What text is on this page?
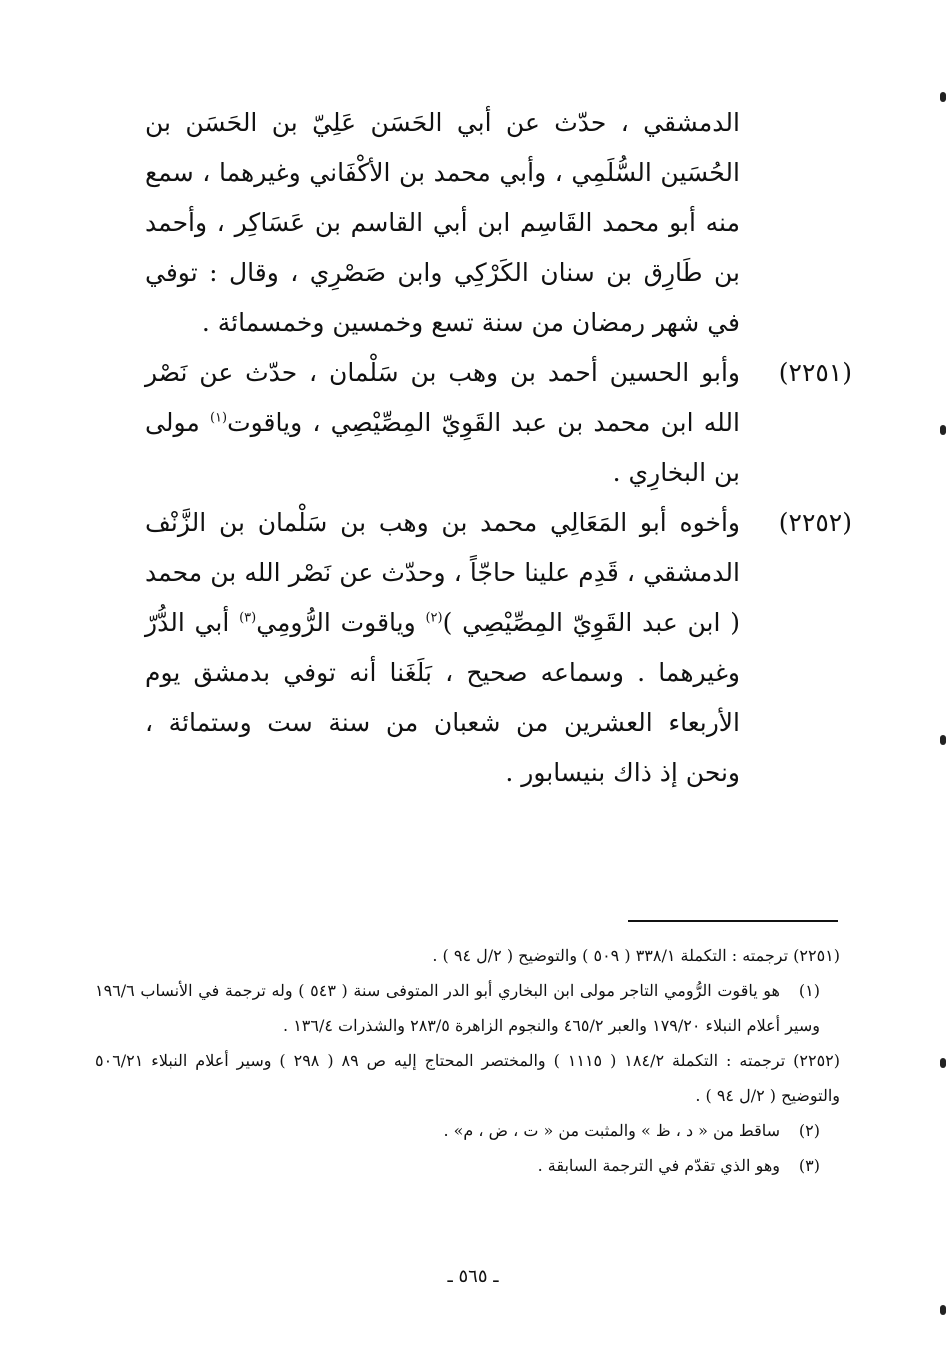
الدمشقي ، حدّث عن أبي الحَسَن عَلِيّ بن الحَسَن بن الحُسَين السُّلَمِي ، وأبي محمد بن الأكْفَاني وغيرهما ، سمع منه أبو محمد القَاسِم ابن أبي القاسم بن عَسَاكِر ، وأحمد بن طَارِق بن سنان الكَرْكِي وابن صَصْرِي ، وقال : توفي في شهر رمضان من سنة تسع وخمسين وخمسمائة .

(٢٢٥١)

وأبو الحسين أحمد بن وهب بن سَلْمان ، حدّث عن نَصْر الله ابن محمد بن عبد القَوِيّ المِصِّيْصِي ، وياقوت$^{(١)}$ مولى بن البخارِي .

(٢٢٥٢)

وأخوه أبو المَعَالِي محمد بن وهب بن سَلْمان بن الزَّنْف الدمشقي ، قَدِم علينا حاجّاً ، وحدّث عن نَصْر الله بن محمد ( ابن عبد القَوِيّ المِصِّيْصِي )$^{(٢)}$ وياقوت الرُّومِي$^{(٣)}$ أبي الدُّرّ وغيرهما . وسماعه صحيح ، بَلَغَنا أنه توفي بدمشق يوم الأربعاء العشرين من شعبان من سنة ست وستمائة ، ونحن إذ ذاك بنيسابور .

(٢٢٥١) ترجمته : التكملة ٣٣٨/١ ( ٥٠٩ ) والتوضيح ( ٢/ل ٩٤ ) .

(١)هو ياقوت الرُّومي التاجر مولى ابن البخاري أبو الدر المتوفى سنة ( ٥٤٣ ) وله ترجمة في الأنساب ١٩٦/٦ وسير أعلام النبلاء ١٧٩/٢٠ والعبر ٤٦٥/٢ والنجوم الزاهرة ٢٨٣/٥ والشذرات ١٣٦/٤ .

(٢٢٥٢) ترجمته : التكملة ١٨٤/٢ ( ١١١٥ ) والمختصر المحتاج إليه ص ٨٩ ( ٢٩٨ ) وسير أعلام النبلاء ٥٠٦/٢١ والتوضيح ( ٢/ل ٩٤ ) .

(٢)ساقط من « د ، ظ » والمثبت من « ت ، ض ، م» .

(٣)وهو الذي تقدّم في الترجمة السابقة .

ـ ٥٦٥ ـ
